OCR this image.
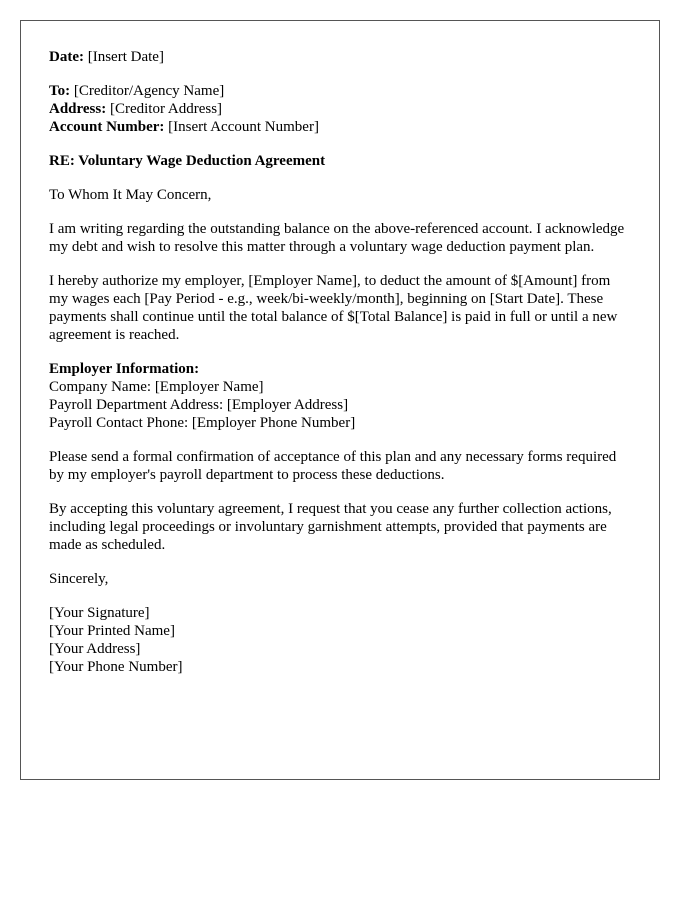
Date: [Insert Date]
To: [Creditor/Agency Name]
Address: [Creditor Address]
Account Number: [Insert Account Number]

RE: Voluntary Wage Deduction Agreement

To Whom It May Concern,

I am writing regarding the outstanding balance on the above-referenced account. I acknowledge my debt and wish to resolve this matter through a voluntary wage deduction payment plan.

I hereby authorize my employer, [Employer Name], to deduct the amount of $[Amount] from my wages each [Pay Period - e.g., week/bi-weekly/month], beginning on [Start Date]. These payments shall continue until the total balance of $[Total Balance] is paid in full or until a new agreement is reached.

Employer Information:
Company Name: [Employer Name]
Payroll Department Address: [Employer Address]
Payroll Contact Phone: [Employer Phone Number]

Please send a formal confirmation of acceptance of this plan and any necessary forms required by my employer's payroll department to process these deductions.

By accepting this voluntary agreement, I request that you cease any further collection actions, including legal proceedings or involuntary garnishment attempts, provided that payments are made as scheduled.

Sincerely,

[Your Signature]
[Your Printed Name]
[Your Address]
[Your Phone Number]
